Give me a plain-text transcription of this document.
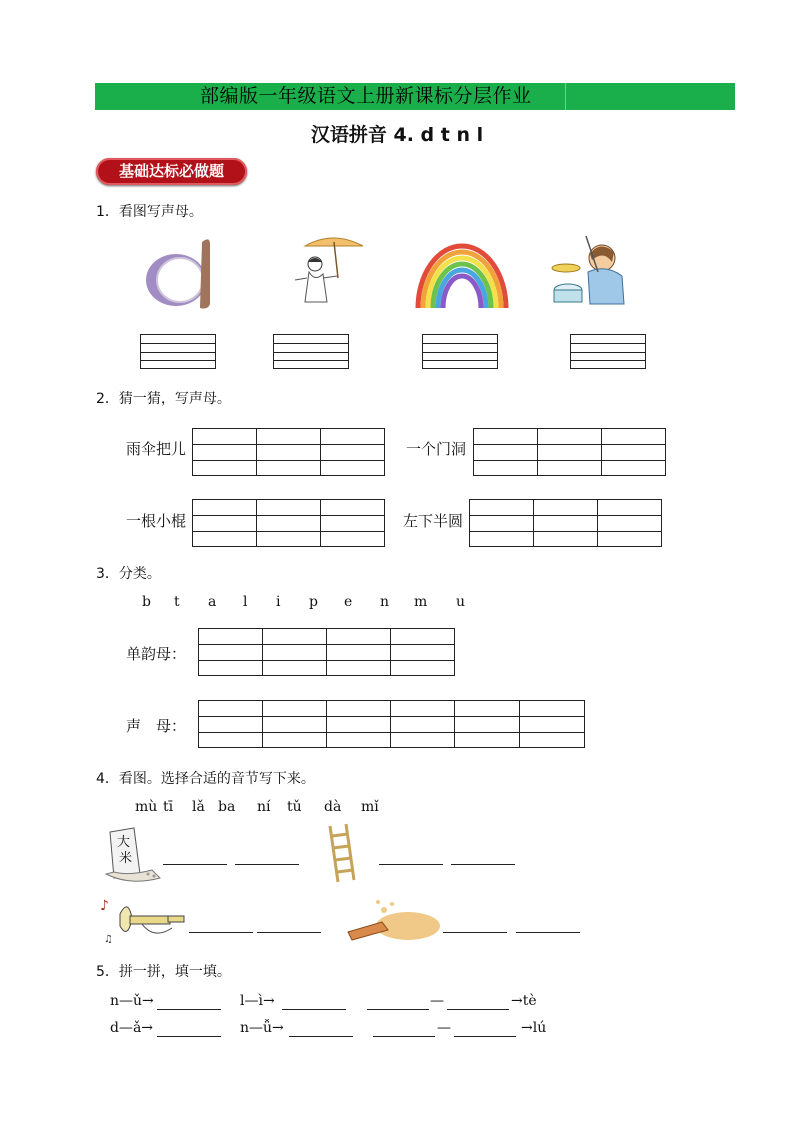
部编版一年级语文上册新课标分层作业
汉语拼音 4. d t n l
基础达标必做题
1．看图写声母。
2．猜一猜，写声母。
雨伞把儿	一个门洞
一根小棍	左下半圆
3．分类。
b t a l i p e n m u
单韵母：
声　母：
4．看图。选择合适的音节写下来。
mù tī lǎ ba ní tǔ dà mǐ
大
米
♪
♫
5．拼一拼，填一填。
n—ǔ→	l—ì→	—	→tè
d—ǎ→	n—ǚ→	—	→lú
